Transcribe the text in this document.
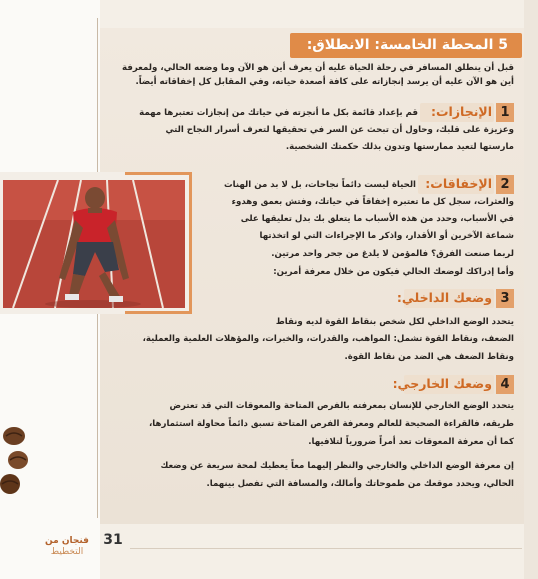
5 المحطة الخامسة: الانطلاق:
قبل أن ينطلق المسافر في رحلة الحياة عليه أن يعرف أين هو الآن وما وضعه الحالي، ولمعرفة
أين هو الآن عليه أن يرسد إنجازاته على كافة أصعدة حياته، وفي المقابل كل إخفاقاته أيضاً.
1
الإنجازات:
قم بإعداد قائمة بكل ما أنجزته في حياتك من إنجازات تعتبرها مهمة
وعزيزة على قلبك، وحاول أن تبحث عن السر في تحقيقها لتعرف أسرار النجاح التي
مارستها لتعيد ممارستها وتدون بذلك حكمتك الشخصية.
2
الإخفاقات:
الحياة ليست دائماً نجاحات، بل لا بد من الهنات
والعثرات، سجل كل ما تعتبره إخفاقاً في حياتك، وفتش بعمق وهدوء
في الأسباب، وحدد من هذه الأسباب ما يتعلق بك بدل تعليقها على
شماعة الآخرين أو الأقدار، واذكر ما الإجراءات التي لو اتخذتها
لربما صنعت الفرق؟ فالمؤمن لا يلدغ من جحر واحد مرتين.
وأما إدراكك لوضعك الحالي فيكون من خلال معرفة أمرين:
3
وضعك الداخلي:
يتحدد الوضع الداخلي لكل شخص بنقاط القوة لديه ونقاط
الضعف، ونقاط القوة تشمل: المواهب، والقدرات، والخبرات، والمؤهلات العلمية والعملية،
ونقاط الضعف هي الضد من نقاط القوة.
4
وضعك الخارجي:
يتحدد الوضع الخارجي للإنسان بمعرفته بالفرص المتاحة والمعوقات التي قد تعترض
طريقه، فالقراءة الصحيحة للعالم ومعرفة الفرص المتاحة تسبق دائماً محاولة استثمارها،
كما أن معرفة المعوقات تعد أمراً ضرورياً لتلافيها.
إن معرفة الوضع الداخلي والخارجي والنظر إليهما معاً يعطيك لمحة سريعة عن وضعك
الحالي، ويحدد موقعك من طموحاتك وأمالك، والمسافة التي تفصل بينهما.
31
فنجان من
التخطيط
